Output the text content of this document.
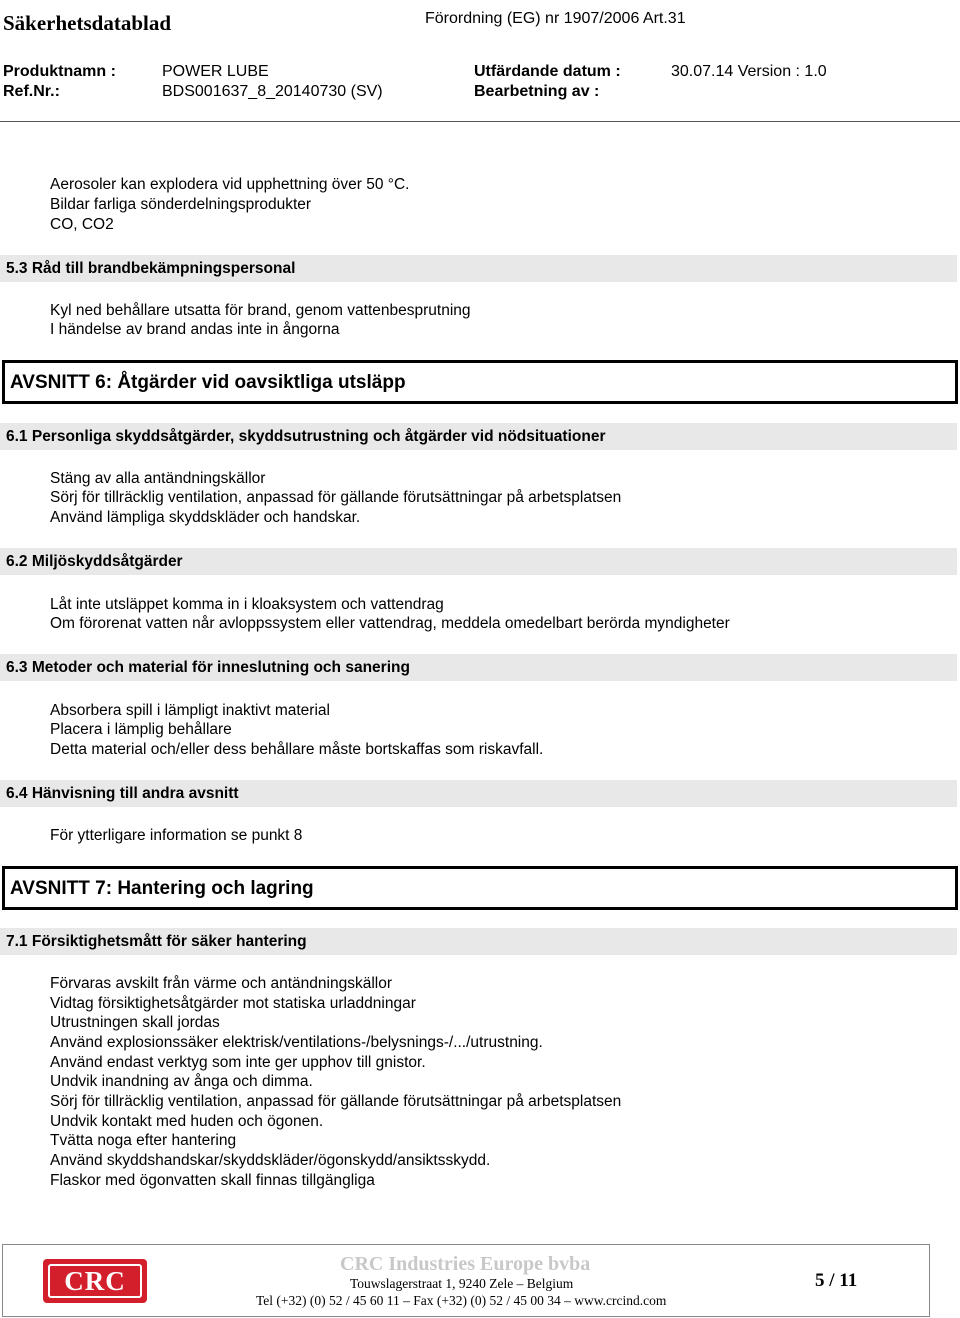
Säkerhetsdatablad	Förordning (EG) nr 1907/2006 Art.31
Produktnamn :	POWER LUBE	Utfärdande datum :	30.07.14 Version : 1.0
Ref.Nr.:	BDS001637_8_20140730 (SV)	Bearbetning av :
Aerosoler kan explodera vid upphettning över 50 °C.
Bildar farliga sönderdelningsprodukter
CO, CO2
5.3 Råd till brandbekämpningspersonal
Kyl ned behållare utsatta för brand, genom vattenbesprutning
I händelse av brand andas inte in ångorna
AVSNITT 6: Åtgärder vid oavsiktliga utsläpp
6.1 Personliga skyddsåtgärder, skyddsutrustning och åtgärder vid nödsituationer
Stäng av alla antändningskällor
Sörj för tillräcklig ventilation, anpassad för gällande förutsättningar på arbetsplatsen
Använd lämpliga skyddskläder och handskar.
6.2 Miljöskyddsåtgärder
Låt inte utsläppet komma in i kloaksystem och vattendrag
Om förorenat vatten når avloppssystem eller vattendrag, meddela omedelbart berörda myndigheter
6.3 Metoder och material för inneslutning och sanering
Absorbera spill i lämpligt inaktivt material
Placera i lämplig behållare
Detta material och/eller dess behållare måste bortskaffas som riskavfall.
6.4 Hänvisning till andra avsnitt
För ytterligare information se punkt 8
AVSNITT 7: Hantering och lagring
7.1 Försiktighetsmått för säker hantering
Förvaras avskilt från värme och antändningskällor
Vidtag försiktighetsåtgärder mot statiska urladdningar
Utrustningen skall jordas
Använd explosionssäker elektrisk/ventilations-/belysnings-/.../utrustning.
Använd endast verktyg som inte ger upphov till gnistor.
Undvik inandning av ånga och dimma.
Sörj för tillräcklig ventilation, anpassad för gällande förutsättningar på arbetsplatsen
Undvik kontakt med huden och ögonen.
Tvätta noga efter hantering
Använd skyddshandskar/skyddskläder/ögonskydd/ansiktsskydd.
Flaskor med ögonvatten skall finnas tillgängliga
CRC
CRC Industries Europe bvba
Touwslagerstraat 1, 9240 Zele – Belgium
Tel (+32) (0) 52 / 45 60 11 – Fax (+32) (0) 52 / 45 00 34 – www.crcind.com
5 / 11
